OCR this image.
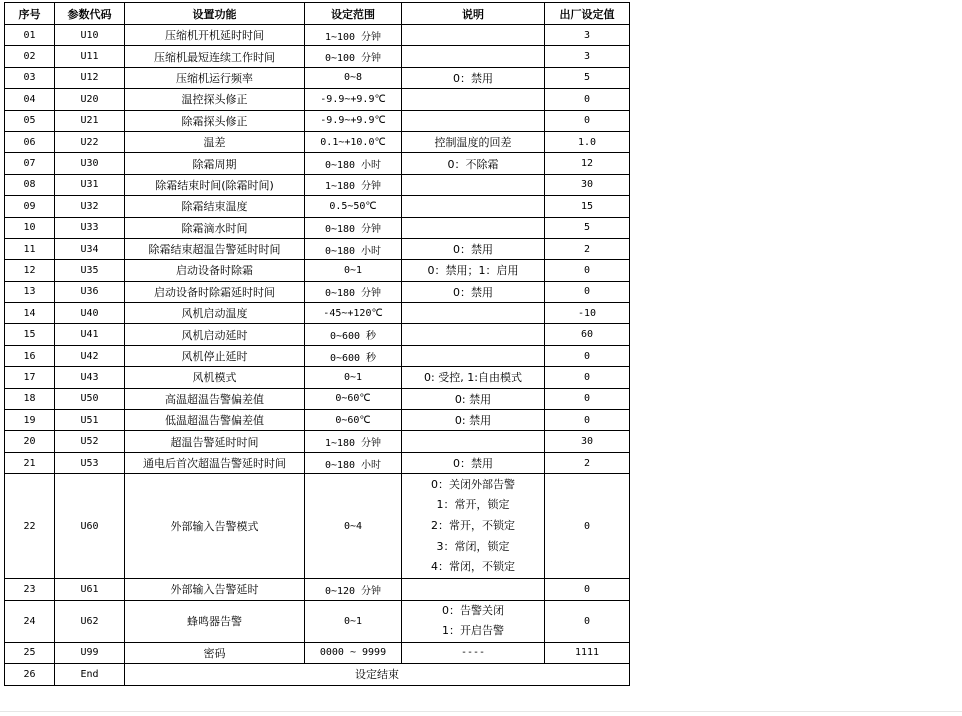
序号	参数代码	设置功能	设定范围	说明	出厂设定值
01	U10	压缩机开机延时时间	1~100 分钟		3
02	U11	压缩机最短连续工作时间	0~100 分钟		3
03	U12	压缩机运行频率	0~8	0：禁用	5
04	U20	温控探头修正	-9.9~+9.9℃		0
05	U21	除霜探头修正	-9.9~+9.9℃		0
06	U22	温差	0.1~+10.0℃	控制温度的回差	1.0
07	U30	除霜周期	0~180 小时	0：不除霜	12
08	U31	除霜结束时间(除霜时间)	1~180 分钟		30
09	U32	除霜结束温度	0.5~50℃		15
10	U33	除霜滴水时间	0~180 分钟		5
11	U34	除霜结束超温告警延时时间	0~180 小时	0：禁用	2
12	U35	启动设备时除霜	0~1	0：禁用；1：启用	0
13	U36	启动设备时除霜延时时间	0~180 分钟	0：禁用	0
14	U40	风机启动温度	-45~+120℃		-10
15	U41	风机启动延时	0~600 秒		60
16	U42	风机停止延时	0~600 秒		0
17	U43	风机模式	0~1	0: 受控, 1:自由模式	0
18	U50	高温超温告警偏差值	0~60℃	0: 禁用	0
19	U51	低温超温告警偏差值	0~60℃	0: 禁用	0
20	U52	超温告警延时时间	1~180 分钟		30
21	U53	通电后首次超温告警延时时间	0~180 小时	0：禁用	2
22	U60	外部输入告警模式	0~4	0：关闭外部告警
1：常开，锁定
2：常开，不锁定
3：常闭，锁定
4：常闭，不锁定	0
23	U61	外部输入告警延时	0~120 分钟		0
24	U62	蜂鸣器告警	0~1	0：告警关闭
1：开启告警	0
25	U99	密码	0000 ~ 9999	----	1111
26	End	设定结束			
